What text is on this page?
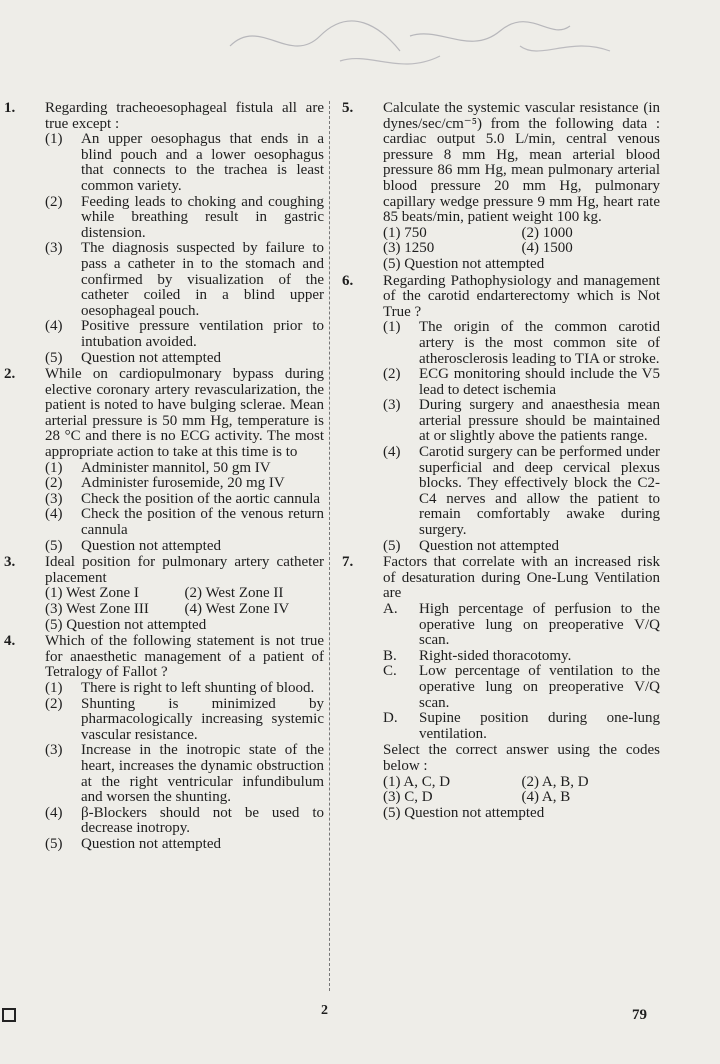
1. Regarding tracheoesophageal fistula all are true except :
(1) An upper oesophagus that ends in a blind pouch and a lower oesophagus that connects to the trachea is least common variety.
(2) Feeding leads to choking and coughing while breathing result in gastric distension.
(3) The diagnosis suspected by failure to pass a catheter in to the stomach and confirmed by visualization of the catheter coiled in a blind upper oesophageal pouch.
(4) Positive pressure ventilation prior to intubation avoided.
(5) Question not attempted
2. While on cardiopulmonary bypass during elective coronary artery revascularization, the patient is noted to have bulging sclerae. Mean arterial pressure is 50 mm Hg, temperature is 28 °C and there is no ECG activity. The most appropriate action to take at this time is to
(1) Administer mannitol, 50 gm IV
(2) Administer furosemide, 20 mg IV
(3) Check the position of the aortic cannula
(4) Check the position of the venous return cannula
(5) Question not attempted
3. Ideal position for pulmonary artery catheter placement
(1) West Zone I	(2) West Zone II
(3) West Zone III	(4) West Zone IV
(5) Question not attempted
4. Which of the following statement is not true for anaesthetic management of a patient of Tetralogy of Fallot ?
(1) There is right to left shunting of blood.
(2) Shunting is minimized by pharmacologically increasing systemic vascular resistance.
(3) Increase in the inotropic state of the heart, increases the dynamic obstruction at the right ventricular infundibulum and worsen the shunting.
(4) β-Blockers should not be used to decrease inotropy.
(5) Question not attempted
5. Calculate the systemic vascular resistance (in dynes/sec/cm⁻⁵) from the following data : cardiac output 5.0 L/min, central venous pressure 8 mm Hg, mean arterial blood pressure 86 mm Hg, mean pulmonary arterial blood pressure 20 mm Hg, pulmonary capillary wedge pressure 9 mm Hg, heart rate 85 beats/min, patient weight 100 kg.
(1) 750	(2) 1000
(3) 1250	(4) 1500
(5) Question not attempted
6. Regarding Pathophysiology and management of the carotid endarterectomy which is Not True ?
(1) The origin of the common carotid artery is the most common site of atherosclerosis leading to TIA or stroke.
(2) ECG monitoring should include the V5 lead to detect ischemia
(3) During surgery and anaesthesia mean arterial pressure should be maintained at or slightly above the patients range.
(4) Carotid surgery can be performed under superficial and deep cervical plexus blocks. They effectively block the C2-C4 nerves and allow the patient to remain comfortably awake during surgery.
(5) Question not attempted
7. Factors that correlate with an increased risk of desaturation during One-Lung Ventilation are
A. High percentage of perfusion to the operative lung on preoperative V/Q scan.
B. Right-sided thoracotomy.
C. Low percentage of ventilation to the operative lung on preoperative V/Q scan.
D. Supine position during one-lung ventilation.
Select the correct answer using the codes below :
(1) A, C, D	(2) A, B, D
(3) C, D	(4) A, B
(5) Question not attempted
2	79
